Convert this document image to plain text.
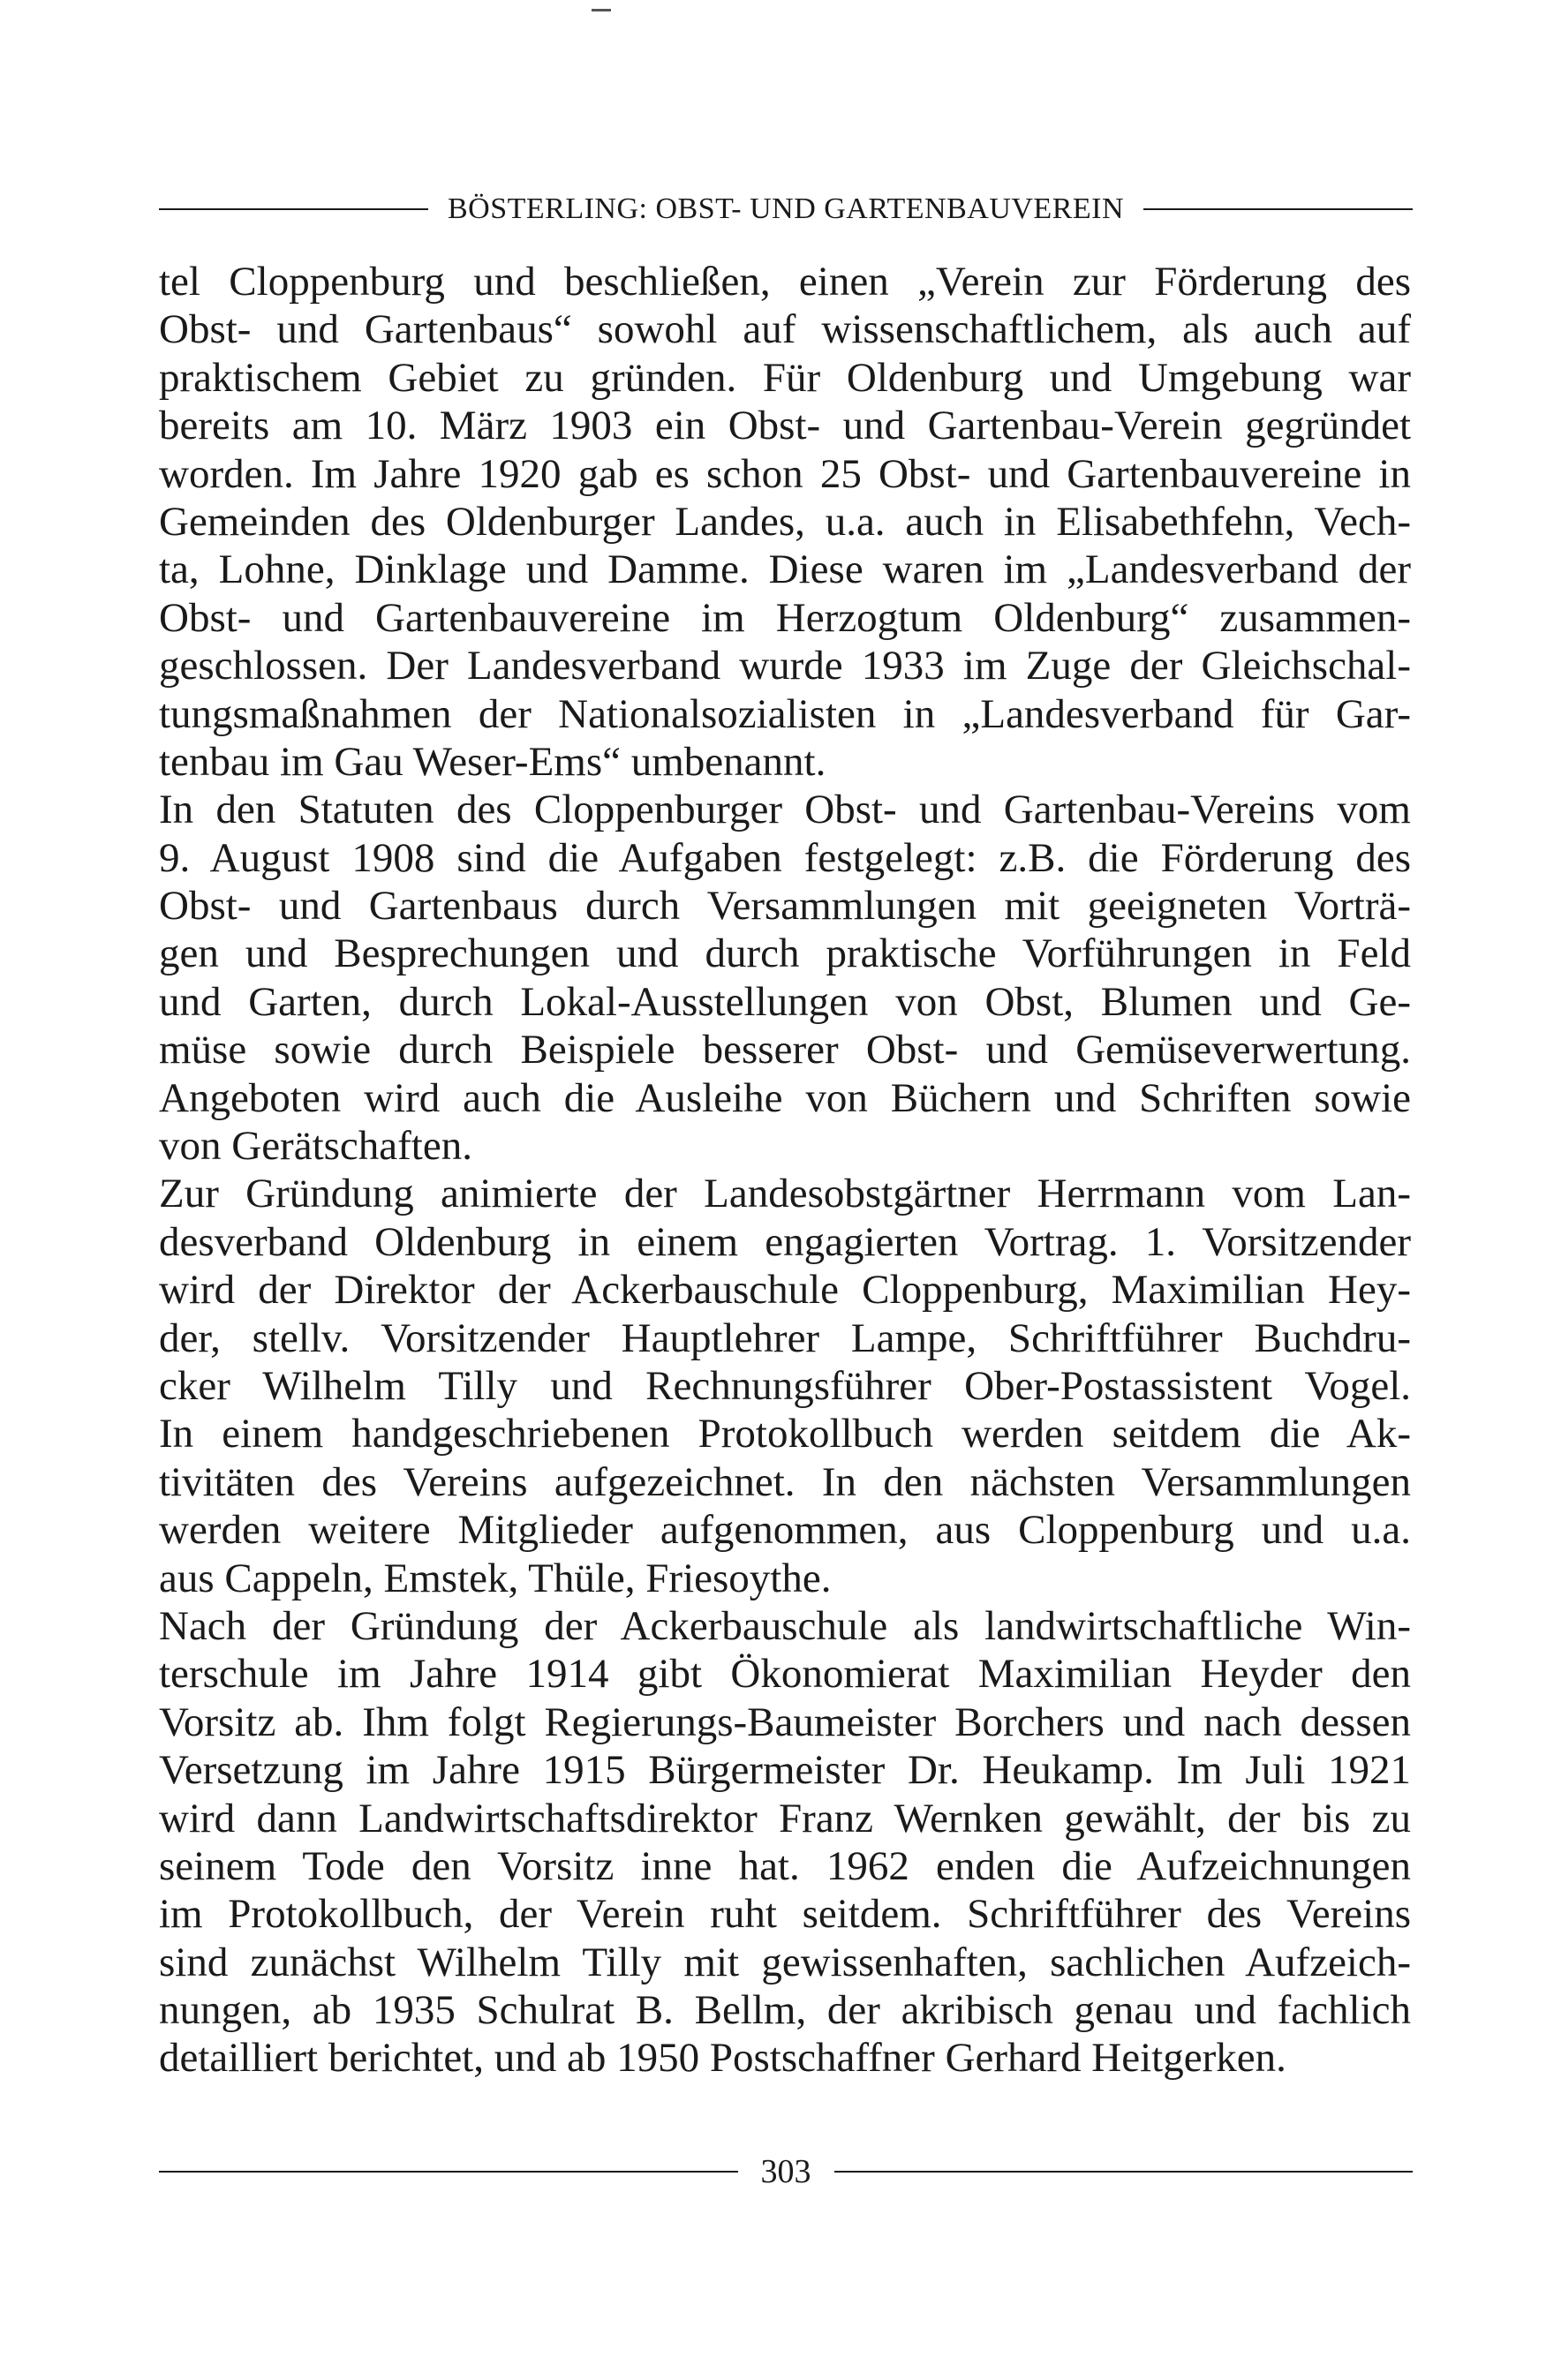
BÖSTERLING: OBST- UND GARTENBAUVEREIN
tel Cloppenburg und beschließen, einen „Verein zur Förderung des
Obst- und Gartenbaus“ sowohl auf wissenschaftlichem, als auch auf
praktischem Gebiet zu gründen. Für Oldenburg und Umgebung war
bereits am 10. März 1903 ein Obst- und Gartenbau-Verein gegründet
worden. Im Jahre 1920 gab es schon 25 Obst- und Gartenbauvereine in
Gemeinden des Oldenburger Landes, u.a. auch in Elisabethfehn, Vech-
ta, Lohne, Dinklage und Damme. Diese waren im „Landesverband der
Obst- und Gartenbauvereine im Herzogtum Oldenburg“ zusammen-
geschlossen. Der Landesverband wurde 1933 im Zuge der Gleichschal-
tungsmaßnahmen der Nationalsozialisten in „Landesverband für Gar-
tenbau im Gau Weser-Ems“ umbenannt.
In den Statuten des Cloppenburger Obst- und Gartenbau-Vereins vom
9. August 1908 sind die Aufgaben festgelegt: z.B. die Förderung des
Obst- und Gartenbaus durch Versammlungen mit geeigneten Vorträ-
gen und Besprechungen und durch praktische Vorführungen in Feld
und Garten, durch Lokal-Ausstellungen von Obst, Blumen und Ge-
müse sowie durch Beispiele besserer Obst- und Gemüseverwertung.
Angeboten wird auch die Ausleihe von Büchern und Schriften sowie
von Gerätschaften.
Zur Gründung animierte der Landesobstgärtner Herrmann vom Lan-
desverband Oldenburg in einem engagierten Vortrag. 1. Vorsitzender
wird der Direktor der Ackerbauschule Cloppenburg, Maximilian Hey-
der, stellv. Vorsitzender Hauptlehrer Lampe, Schriftführer Buchdru-
cker Wilhelm Tilly und Rechnungsführer Ober-Postassistent Vogel.
In einem handgeschriebenen Protokollbuch werden seitdem die Ak-
tivitäten des Vereins aufgezeichnet. In den nächsten Versammlungen
werden weitere Mitglieder aufgenommen, aus Cloppenburg und u.a.
aus Cappeln, Emstek, Thüle, Friesoythe.
Nach der Gründung der Ackerbauschule als landwirtschaftliche Win-
terschule im Jahre 1914 gibt Ökonomierat Maximilian Heyder den
Vorsitz ab. Ihm folgt Regierungs-Baumeister Borchers und nach dessen
Versetzung im Jahre 1915 Bürgermeister Dr. Heukamp. Im Juli 1921
wird dann Landwirtschaftsdirektor Franz Wernken gewählt, der bis zu
seinem Tode den Vorsitz inne hat. 1962 enden die Aufzeichnungen
im Protokollbuch, der Verein ruht seitdem. Schriftführer des Vereins
sind zunächst Wilhelm Tilly mit gewissenhaften, sachlichen Aufzeich-
nungen, ab 1935 Schulrat B. Bellm, der akribisch genau und fachlich
detailliert berichtet, und ab 1950 Postschaffner Gerhard Heitgerken.
303
